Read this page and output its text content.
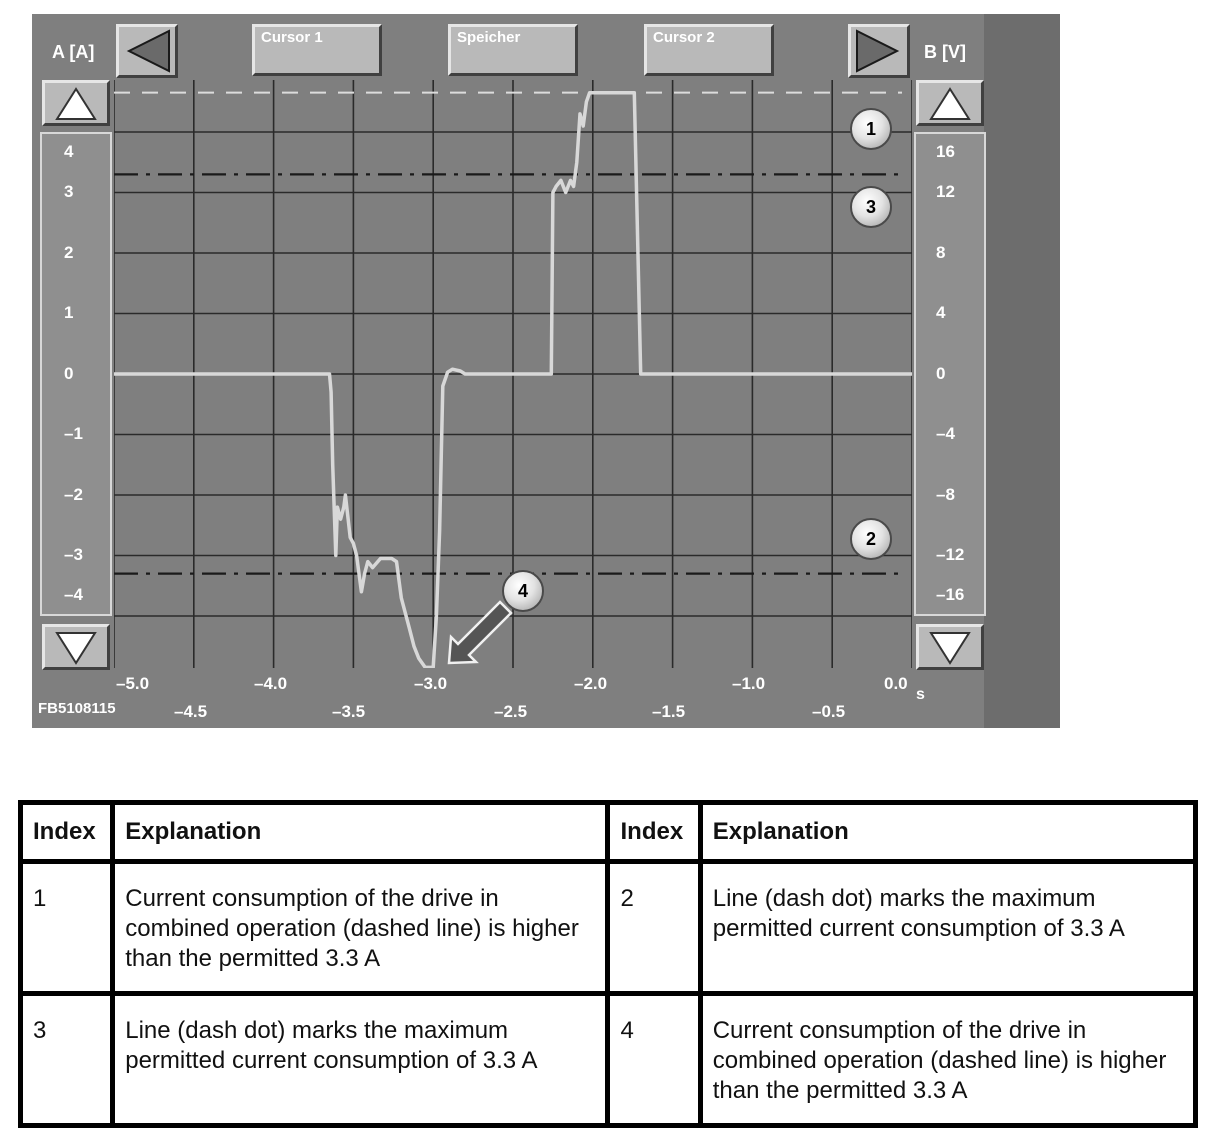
A [A]	B [V]
Cursor 1	Speicher	Cursor 2
4
3
2
1
0
–1
–2
–3
–4
16
12
8
4
0
–4
–8
–12
–16
–5.0	–4.0	–3.0	–2.0	–1.0	0.0
–4.5	–3.5	–2.5	–1.5	–0.5
s
FB5108115
1
3
2
4
Index	Explanation	Index	Explanation
1	Current consumption of the drive in combined operation (dashed line) is higher than the permitted 3.3 A	2	Line (dash dot) marks the maximum permitted current consumption of 3.3 A
3	Line (dash dot) marks the maximum permitted current consumption of 3.3 A	4	Current consumption of the drive in combined operation (dashed line) is higher than the permitted 3.3 A
